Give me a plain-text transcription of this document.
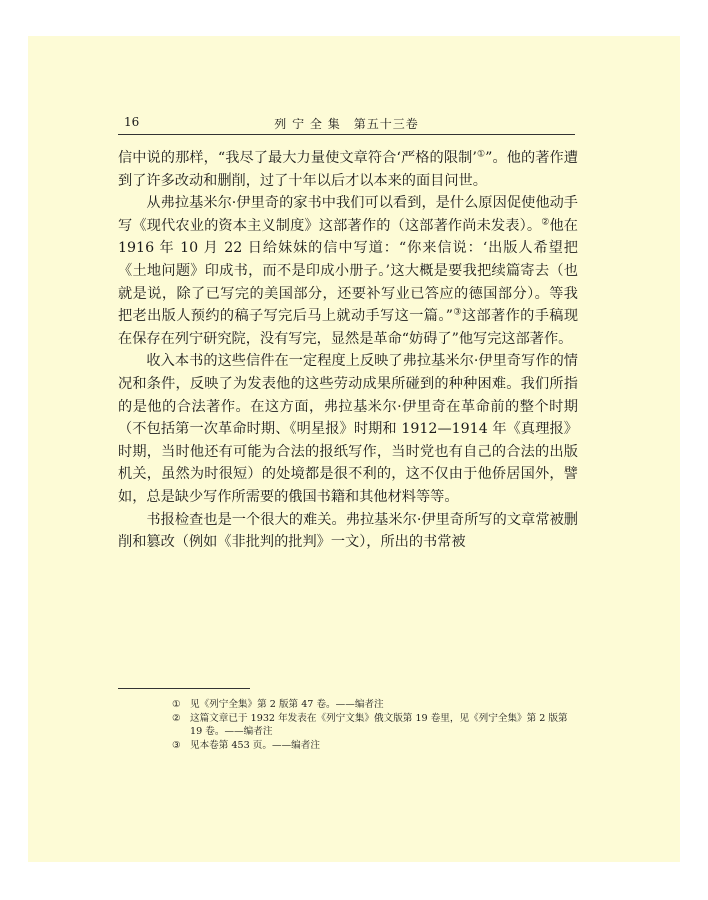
16	列 宁 全 集　第五十三卷

信中说的那样，“我尽了最大力量使文章符合‘严格的限制’①”。他的著作遭到了许多改动和删削，过了十年以后才以本来的面目问世。

从弗拉基米尔·伊里奇的家书中我们可以看到，是什么原因促使他动手写《现代农业的资本主义制度》这部著作的（这部著作尚未发表）。②他在 1916 年 10 月 22 日给妹妹的信中写道：“你来信说：‘出版人希望把《土地问题》印成书，而不是印成小册子。’这大概是要我把续篇寄去（也就是说，除了已写完的美国部分，还要补写业已答应的德国部分）。等我把老出版人预约的稿子写完后马上就动手写这一篇。”③这部著作的手稿现在保存在列宁研究院，没有写完，显然是革命“妨碍了”他写完这部著作。

收入本书的这些信件在一定程度上反映了弗拉基米尔·伊里奇写作的情况和条件，反映了为发表他的这些劳动成果所碰到的种种困难。我们所指的是他的合法著作。在这方面，弗拉基米尔·伊里奇在革命前的整个时期（不包括第一次革命时期、《明星报》时期和 1912—1914 年《真理报》时期，当时他还有可能为合法的报纸写作，当时党也有自己的合法的出版机关，虽然为时很短）的处境都是很不利的，这不仅由于他侨居国外，譬如，总是缺少写作所需要的俄国书籍和其他材料等等。

书报检查也是一个很大的难关。弗拉基米尔·伊里奇所写的文章常被删削和篡改（例如《非批判的批判》一文），所出的书常被

① 见《列宁全集》第 2 版第 47 卷。——编者注
② 这篇文章已于 1932 年发表在《列宁文集》俄文版第 19 卷里，见《列宁全集》第 2 版第 19 卷。——编者注
③ 见本卷第 453 页。——编者注
